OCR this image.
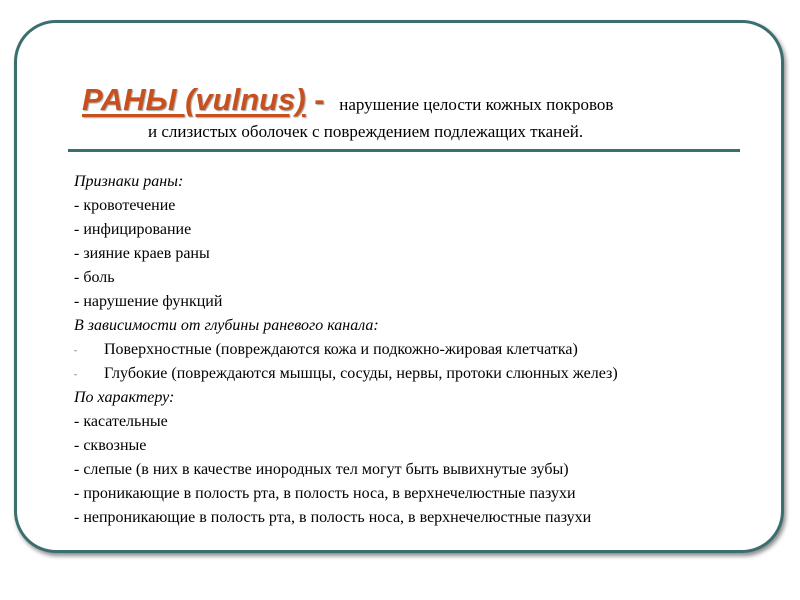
РАНЫ (vulnus) - нарушение целости кожных покровов
и слизистых оболочек с повреждением подлежащих тканей.
Признаки раны:
- кровотечение
- инфицирование
- зияние краев раны
- боль
- нарушение функций
В зависимости от глубины раневого канала:
- Поверхностные (повреждаются кожа и подкожно-жировая клетчатка)
- Глубокие (повреждаются мышцы, сосуды, нервы, протоки слюнных желез)
По характеру:
- касательные
- сквозные
- слепые (в них в качестве инородных тел могут быть вывихнутые зубы)
- проникающие в полость рта, в полость носа, в верхнечелюстные пазухи
- непроникающие в полость рта, в полость носа, в верхнечелюстные пазухи
